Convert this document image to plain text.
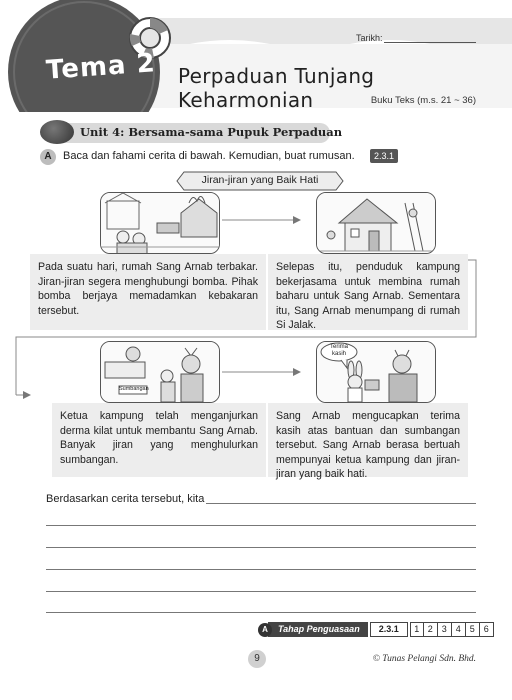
Tarikh:
Tema 2 Perpaduan Tunjang Keharmonian	Buku Teks (m.s. 21 ~ 36)
Unit 4: Bersama-sama Pupuk Perpaduan
A	Baca dan fahami cerita di bawah. Kemudian, buat rumusan.	2.3.1
Jiran-jiran yang Baik Hati
Pada suatu hari, rumah Sang Arnab terbakar. Jiran-jiran segera menghubungi bomba. Pihak bomba berjaya memadamkan kebakaran tersebut.
Selepas itu, penduduk kampung bekerjasama untuk membina rumah baharu untuk Sang Arnab. Sementara itu, Sang Arnab menumpang di rumah Si Jalak.
Sumbangan
Ketua kampung telah menganjurkan derma kilat untuk membantu Sang Arnab. Banyak jiran yang menghulurkan sumbangan.
Terima kasih
Sang Arnab mengucapkan terima kasih atas bantuan dan sumbangan tersebut. Sang Arnab berasa bertuah mempunyai ketua kampung dan jiran-jiran yang baik hati.
Berdasarkan cerita tersebut, kita
A	Tahap Penguasaan	2.3.1	1 2 3 4 5 6
9	© Tunas Pelangi Sdn. Bhd.
